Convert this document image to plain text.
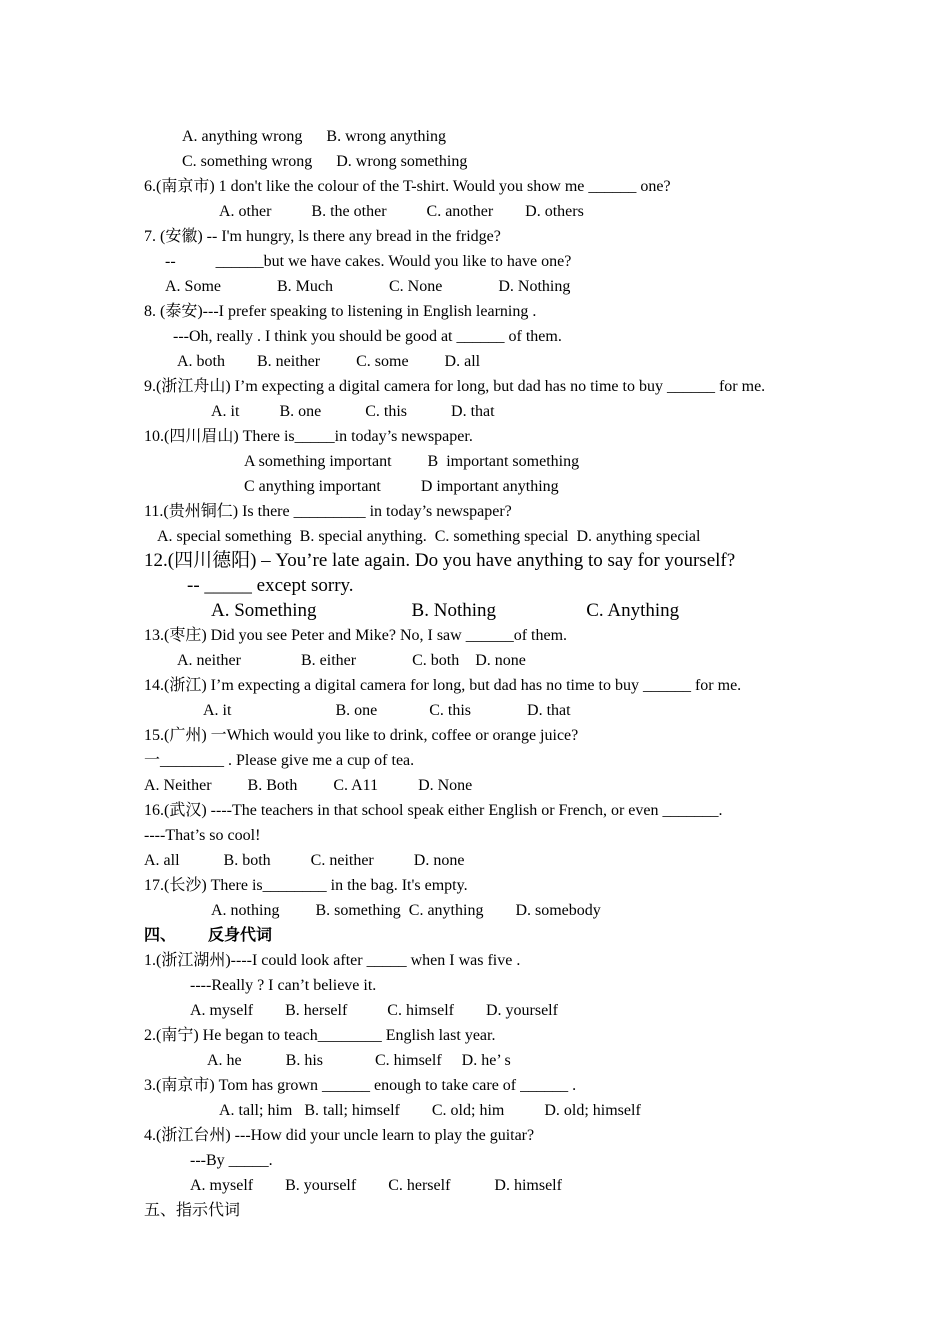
A. anything wrong      B. wrong anything
C. something wrong      D. wrong something
6.(南京市) 1 don't like the colour of the T-shirt. Would you show me ______ one?
A. other          B. the other          C. another        D. others
7. (安徽) -- I'm hungry, ls there any bread in the fridge?
--          ______but we have cakes. Would you like to have one?
A. Some              B. Much              C. None              D. Nothing
8. (泰安)---I prefer speaking to listening in English learning .
---Oh, really . I think you should be good at ______ of them.
A. both        B. neither         C. some         D. all
9.(浙江舟山) I’m expecting a digital camera for long, but dad has no time to buy ______ for me.
A. it          B. one           C. this           D. that
10.(四川眉山) There is_____in today’s newspaper.
A something important         B  important something
C anything important          D important anything
11.(贵州铜仁) Is there _________ in today’s newspaper?
A. special something  B. special anything.  C. something special  D. anything special
12.(四川德阳) – You’re late again. Do you have anything to say for yourself?
-- _____ except sorry.
A. Something                    B. Nothing                   C. Anything
13.(枣庄) Did you see Peter and Mike? No, I saw ______of them.
A. neither               B. either              C. both    D. none
14.(浙江) I’m expecting a digital camera for long, but dad has no time to buy ______ for me.
A. it                          B. one             C. this              D. that
15.(广州) 一Which would you like to drink, coffee or orange juice?
一________ . Please give me a cup of tea.
A. Neither         B. Both         C. A11          D. None
16.(武汉) ----The teachers in that school speak either English or French, or even _______.
----That’s so cool!
A. all           B. both          C. neither          D. none
17.(长沙) There is________ in the bag. It's empty.
A. nothing         B. something  C. anything        D. somebody
四、        反身代词
1.(浙江湖州)----I could look after _____ when I was five .
----Really ? I can’t believe it.
A. myself        B. herself          C. himself        D. yourself
2.(南宁) He began to teach________ English last year.
A. he           B. his             C. himself     D. he’ s
3.(南京市) Tom has grown ______ enough to take care of ______ .
A. tall; him   B. tall; himself        C. old; him          D. old; himself
4.(浙江台州) ---How did your uncle learn to play the guitar?
---By _____.
A. myself        B. yourself        C. herself           D. himself
五、指示代词
